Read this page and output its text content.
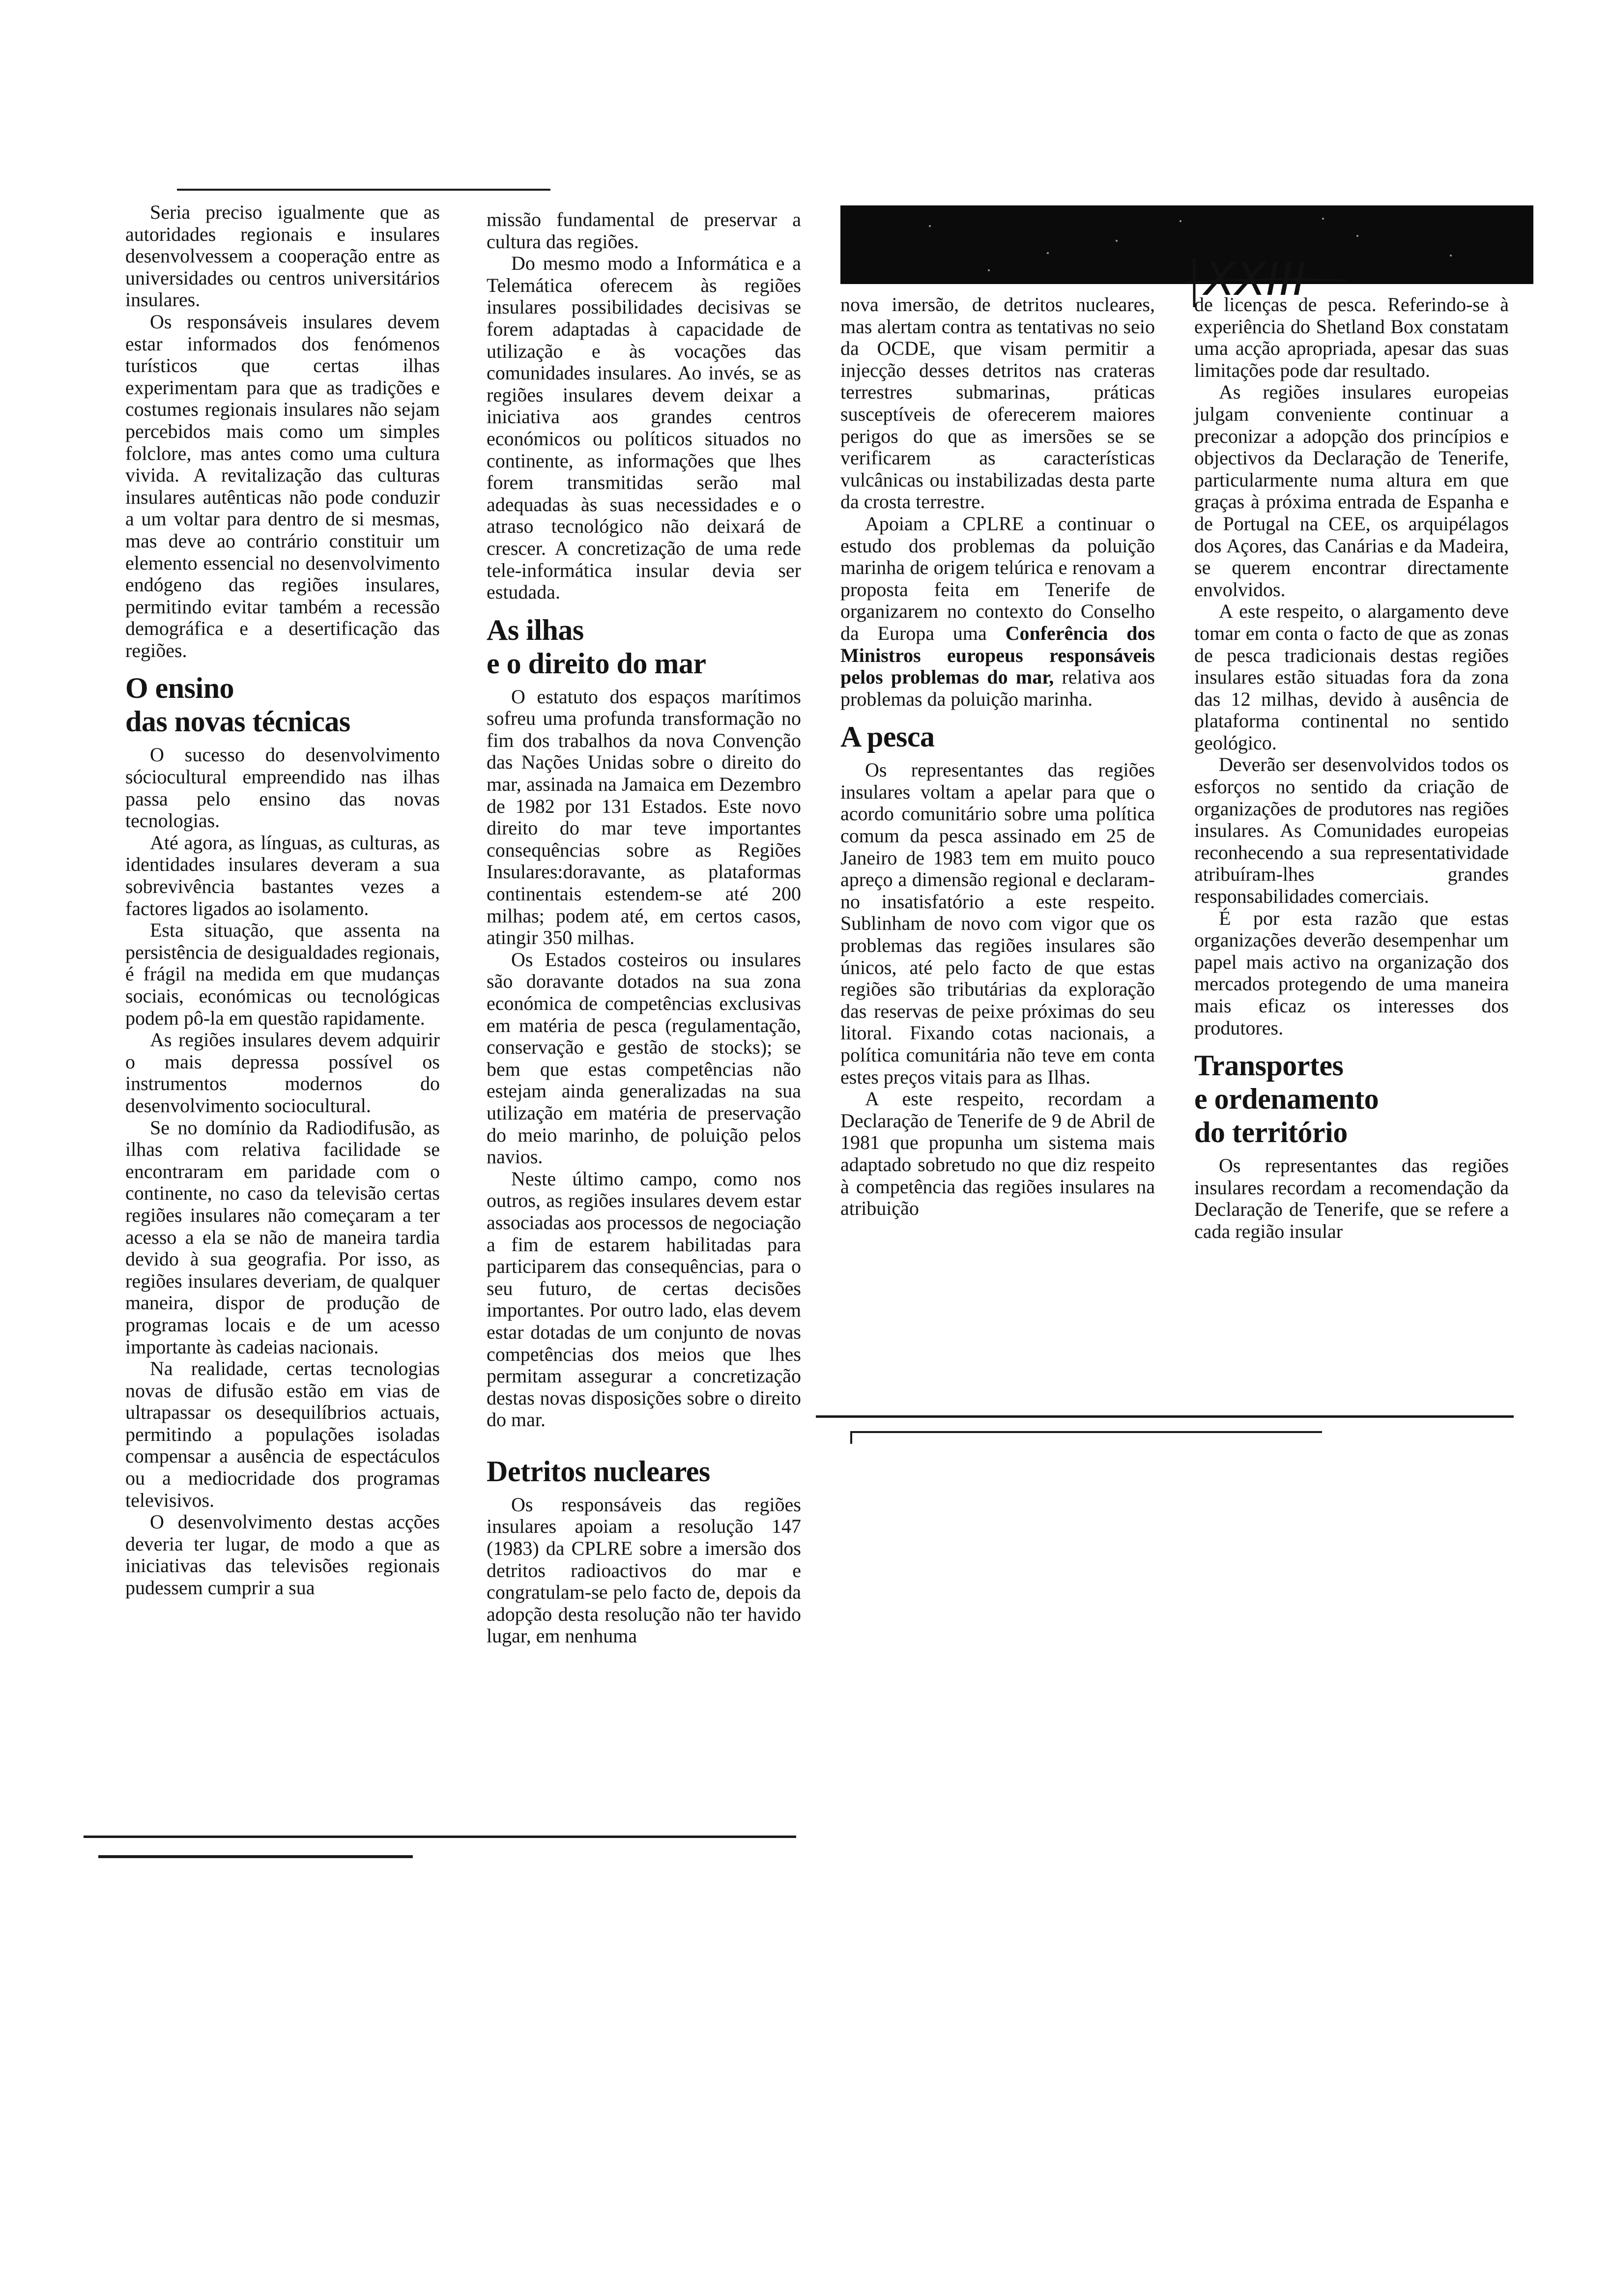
XXIII

Seria preciso igualmente que as autoridades regionais e insulares desenvolvessem a cooperação entre as universidades ou centros universitários insulares.

Os responsáveis insulares devem estar informados dos fenómenos turísticos que certas ilhas experimentam para que as tradições e costumes regionais insulares não sejam percebidos mais como um simples folclore, mas antes como uma cultura vivida. A revitalização das culturas insulares autênticas não pode conduzir a um voltar para dentro de si mesmas, mas deve ao contrário constituir um elemento essencial no desenvolvimento endógeno das regiões insulares, permitindo evitar também a recessão demográfica e a desertificação das regiões.

O ensino
das novas técnicas

O sucesso do desenvolvimento sóciocultural empreendido nas ilhas passa pelo ensino das novas tecnologias.

Até agora, as línguas, as culturas, as identidades insulares deveram a sua sobrevivência bastantes vezes a factores ligados ao isolamento.

Esta situação, que assenta na persistência de desigualdades regionais, é frágil na medida em que mudanças sociais, económicas ou tecnológicas podem pô-la em questão rapidamente.

As regiões insulares devem adquirir o mais depressa possível os instrumentos modernos do desenvolvimento sociocultural.

Se no domínio da Radiodifusão, as ilhas com relativa facilidade se encontraram em paridade com o continente, no caso da televisão certas regiões insulares não começaram a ter acesso a ela se não de maneira tardia devido à sua geografia. Por isso, as regiões insulares deveriam, de qualquer maneira, dispor de produção de programas locais e de um acesso importante às cadeias nacionais.

Na realidade, certas tecnologias novas de difusão estão em vias de ultrapassar os desequilíbrios actuais, permitindo a populações isoladas compensar a ausência de espectáculos ou a mediocridade dos programas televisivos.

O desenvolvimento destas acções deveria ter lugar, de modo a que as iniciativas das televisões regionais pudessem cumprir a sua

missão fundamental de preservar a cultura das regiões.

Do mesmo modo a Informática e a Telemática oferecem às regiões insulares possibilidades decisivas se forem adaptadas à capacidade de utilização e às vocações das comunidades insulares. Ao invés, se as regiões insulares devem deixar a iniciativa aos grandes centros económicos ou políticos situados no continente, as informações que lhes forem transmitidas serão mal adequadas às suas necessidades e o atraso tecnológico não deixará de crescer. A concretização de uma rede tele-informática insular devia ser estudada.

As ilhas
e o direito do mar

O estatuto dos espaços marítimos sofreu uma profunda transformação no fim dos trabalhos da nova Convenção das Nações Unidas sobre o direito do mar, assinada na Jamaica em Dezembro de 1982 por 131 Estados. Este novo direito do mar teve importantes consequências sobre as Regiões Insulares:doravante, as plataformas continentais estendem-se até 200 milhas; podem até, em certos casos, atingir 350 milhas.

Os Estados costeiros ou insulares são doravante dotados na sua zona económica de competências exclusivas em matéria de pesca (regulamentação, conservação e gestão de stocks); se bem que estas competências não estejam ainda generalizadas na sua utilização em matéria de preservação do meio marinho, de poluição pelos navios.

Neste último campo, como nos outros, as regiões insulares devem estar associadas aos processos de negociação a fim de estarem habilitadas para participarem das consequências, para o seu futuro, de certas decisões importantes. Por outro lado, elas devem estar dotadas de um conjunto de novas competências dos meios que lhes permitam assegurar a concretização destas novas disposições sobre o direito do mar.

Detritos nucleares

Os responsáveis das regiões insulares apoiam a resolução 147 (1983) da CPLRE sobre a imersão dos detritos radioactivos do mar e congratulam-se pelo facto de, depois da adopção desta resolução não ter havido lugar, em nenhuma

nova imersão, de detritos nucleares, mas alertam contra as tentativas no seio da OCDE, que visam permitir a injecção desses detritos nas crateras terrestres submarinas, práticas susceptíveis de oferecerem maiores perigos do que as imersões se se verificarem as características vulcânicas ou instabilizadas desta parte da crosta terrestre.

Apoiam a CPLRE a continuar o estudo dos problemas da poluição marinha de origem telúrica e renovam a proposta feita em Tenerife de organizarem no contexto do Conselho da Europa uma Conferência dos Ministros europeus responsáveis pelos problemas do mar, relativa aos problemas da poluição marinha.

A pesca

Os representantes das regiões insulares voltam a apelar para que o acordo comunitário sobre uma política comum da pesca assinado em 25 de Janeiro de 1983 tem em muito pouco apreço a dimensão regional e declaram-no insatisfatório a este respeito. Sublinham de novo com vigor que os problemas das regiões insulares são únicos, até pelo facto de que estas regiões são tributárias da exploração das reservas de peixe próximas do seu litoral. Fixando cotas nacionais, a política comunitária não teve em conta estes preços vitais para as Ilhas.

A este respeito, recordam a Declaração de Tenerife de 9 de Abril de 1981 que propunha um sistema mais adaptado sobretudo no que diz respeito à competência das regiões insulares na atribuição

de licenças de pesca. Referindo-se à experiência do Shetland Box constatam uma acção apropriada, apesar das suas limitações pode dar resultado.

As regiões insulares europeias julgam conveniente continuar a preconizar a adopção dos princípios e objectivos da Declaração de Tenerife, particularmente numa altura em que graças à próxima entrada de Espanha e de Portugal na CEE, os arquipélagos dos Açores, das Canárias e da Madeira, se querem encontrar directamente envolvidos.

A este respeito, o alargamento deve tomar em conta o facto de que as zonas de pesca tradicionais destas regiões insulares estão situadas fora da zona das 12 milhas, devido à ausência de plataforma continental no sentido geológico.

Deverão ser desenvolvidos todos os esforços no sentido da criação de organizações de produtores nas regiões insulares. As Comunidades europeias reconhecendo a sua representatividade atribuíram-lhes grandes responsabilidades comerciais.

É por esta razão que estas organizações deverão desempenhar um papel mais activo na organização dos mercados protegendo de uma maneira mais eficaz os interesses dos produtores.

Transportes
e ordenamento
do território

Os representantes das regiões insulares recordam a recomendação da Declaração de Tenerife, que se refere a cada região insular
